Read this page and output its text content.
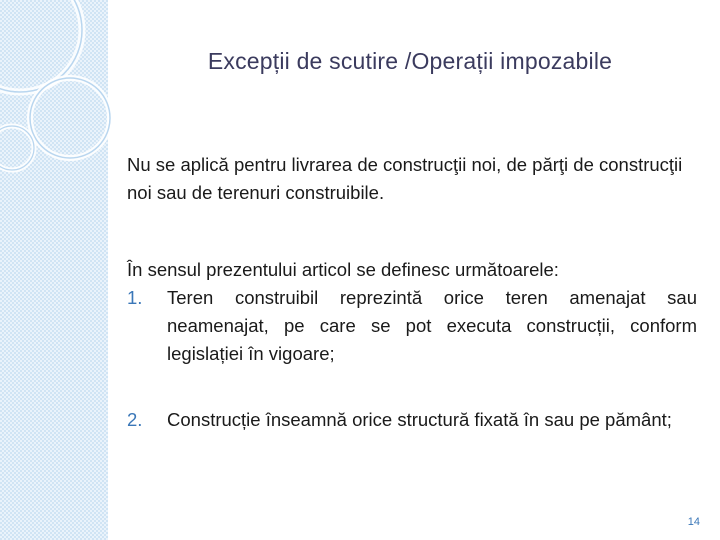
Excepții de scutire /Operații impozabile
Nu se aplică pentru livrarea de construcţii noi, de părţi de construcţii noi sau de terenuri construibile.
În sensul prezentului articol se definesc următoarele:
1.	Teren construibil reprezintă orice teren amenajat sau neamenajat, pe care se pot executa construcții, conform legislației în vigoare;
2.	Construcție înseamnă orice structură fixată în sau pe pământ;
14
